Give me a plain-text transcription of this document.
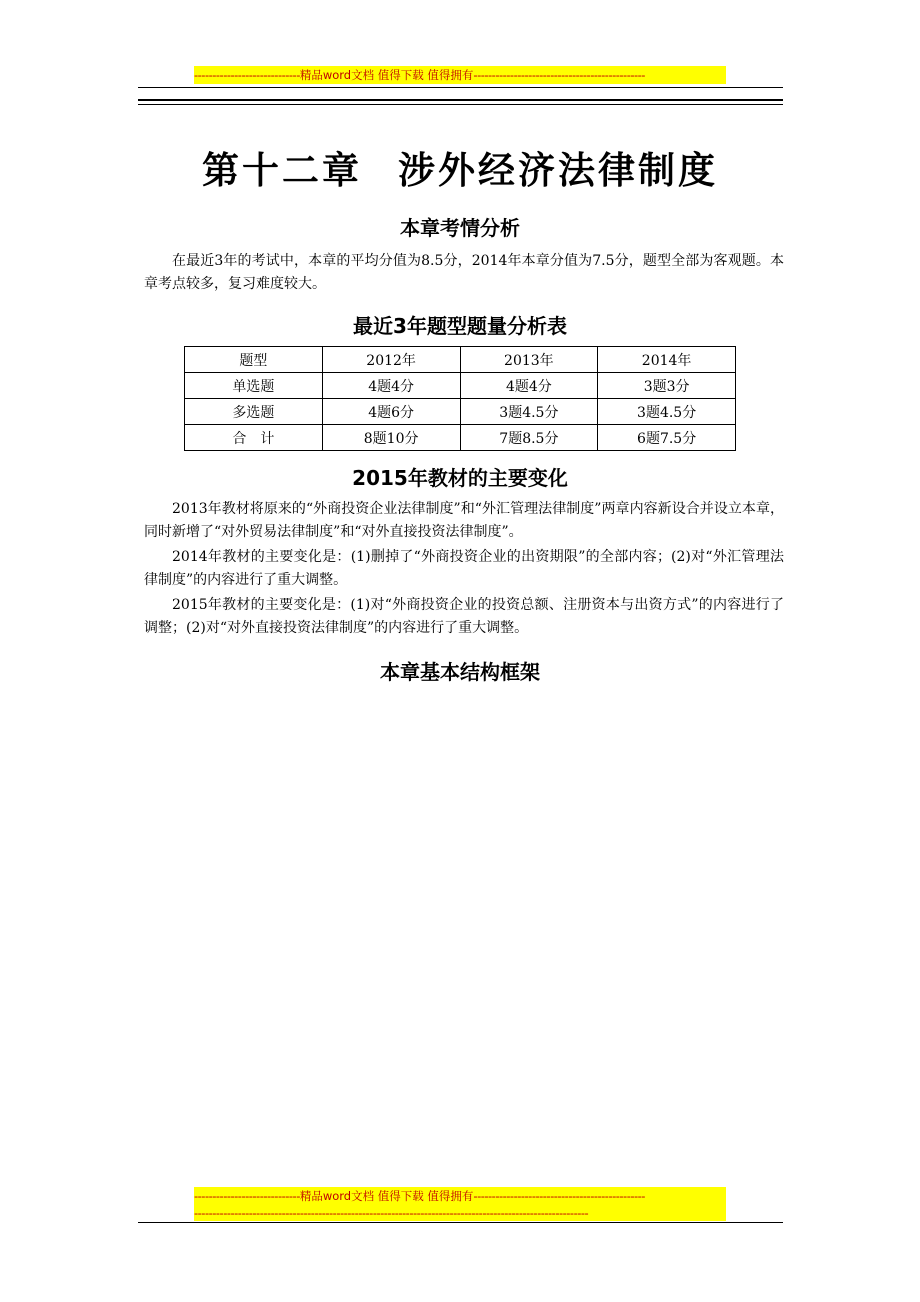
-----------------------------精品word文档 值得下载 值得拥有-----------------------------------------------
第十二章 涉外经济法律制度
本章考情分析

在最近3年的考试中，本章的平均分值为8.5分，2014年本章分值为7.5分，题型全部为客观题。本章考点较多，复习难度较大。

最近3年题型题量分析表
题型	2012年	2013年	2014年
单选题	4题4分	4题4分	3题3分
多选题	4题6分	3题4.5分	3题4.5分
合　计	8题10分	7题8.5分	6题7.5分
2015年教材的主要变化

2013年教材将原来的“外商投资企业法律制度”和“外汇管理法律制度”两章内容新设合并设立本章，同时新增了“对外贸易法律制度”和“对外直接投资法律制度”。

2014年教材的主要变化是：(1)删掉了“外商投资企业的出资期限”的全部内容；(2)对“外汇管理法律制度”的内容进行了重大调整。

2015年教材的主要变化是：(1)对“外商投资企业的投资总额、注册资本与出资方式”的内容进行了调整；(2)对“对外直接投资法律制度”的内容进行了重大调整。

本章基本结构框架
-----------------------------精品word文档 值得下载 值得拥有-----------------------------------------------
------------------------------------------------------------------------------------------------------------
